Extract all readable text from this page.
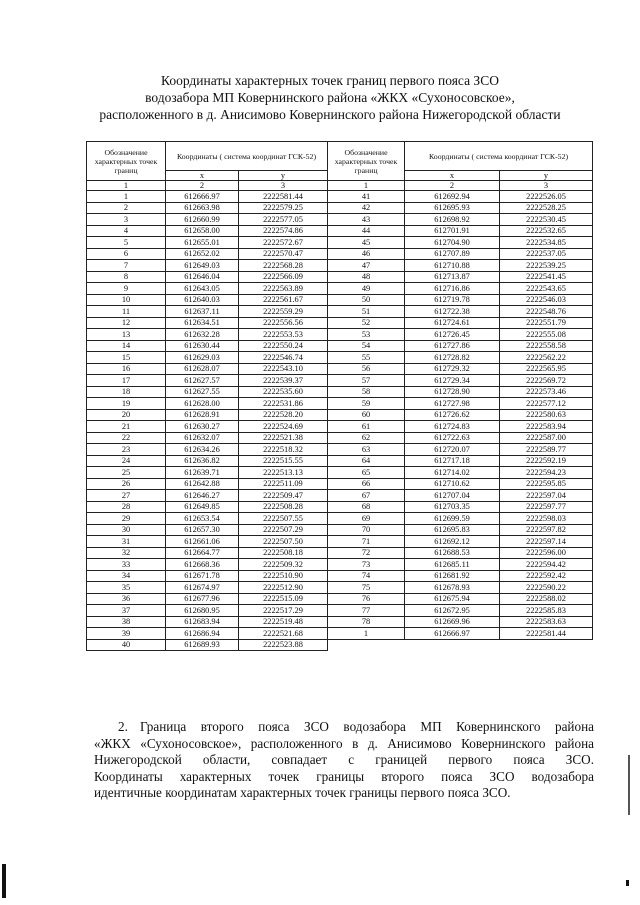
Координаты характерных точек границ первого пояса ЗСО
водозабора МП Ковернинского района «ЖКХ «Сухоносовское»,
расположенного в д. Анисимово Ковернинского района Нижегородской области
Обозначение характерных точек границ	Координаты ( система координат ГСК-52)		Обозначение характерных точек границ	Координаты ( система координат ГСК-52)	
	x	y		x	y
1	2	3	1	2	3
1	612666.97	2222581.44	41	612692.94	2222526.05
2	612663.98	2222579.25	42	612695.93	2222528.25
3	612660.99	2222577.05	43	612698.92	2222530.45
4	612658.00	2222574.86	44	612701.91	2222532.65
5	612655.01	2222572.67	45	612704.90	2222534.85
6	612652.02	2222570.47	46	612707.89	2222537.05
7	612649.03	2222568.28	47	612710.88	2222539.25
8	612646.04	2222566.09	48	612713.87	2222541.45
9	612643.05	2222563.89	49	612716.86	2222543.65
10	612640.03	2222561.67	50	612719.78	2222546.03
11	612637.11	2222559.29	51	612722.38	2222548.76
12	612634.51	2222556.56	52	612724.61	2222551.79
13	612632.28	2222553.53	53	612726.45	2222555.08
14	612630.44	2222550.24	54	612727.86	2222558.58
15	612629.03	2222546.74	55	612728.82	2222562.22
16	612628.07	2222543.10	56	612729.32	2222565.95
17	612627.57	2222539.37	57	612729.34	2222569.72
18	612627.55	2222535.60	58	612728.90	2222573.46
19	612628.00	2222531.86	59	612727.98	2222577.12
20	612628.91	2222528.20	60	612726.62	2222580.63
21	612630.27	2222524.69	61	612724.83	2222583.94
22	612632.07	2222521.38	62	612722.63	2222587.00
23	612634.26	2222518.32	63	612720.07	2222589.77
24	612636.82	2222515.55	64	612717.18	2222592.19
25	612639.71	2222513.13	65	612714.02	2222594.23
26	612642.88	2222511.09	66	612710.62	2222595.85
27	612646.27	2222509.47	67	612707.04	2222597.04
28	612649.85	2222508.28	68	612703.35	2222597.77
29	612653.54	2222507.55	69	612699.59	2222598.03
30	612657.30	2222507.29	70	612695.83	2222597.82
31	612661.06	2222507.50	71	612692.12	2222597.14
32	612664.77	2222508.18	72	612688.53	2222596.00
33	612668.36	2222509.32	73	612685.11	2222594.42
34	612671.78	2222510.90	74	612681.92	2222592.42
35	612674.97	2222512.90	75	612678.93	2222590.22
36	612677.96	2222515.09	76	612675.94	2222588.02
37	612680.95	2222517.29	77	612672.95	2222585.83
38	612683.94	2222519.48	78	612669.96	2222583.63
39	612686.94	2222521.68	1	612666.97	2222581.44
40	612689.93	2222523.88			
2. Граница второго пояса ЗСО водозабора МП Ковернинского района
«ЖКХ «Сухоносовское», расположенного в д. Анисимово Ковернинского района
Нижегородской области, совпадает с границей первого пояса ЗСО.
Координаты характерных точек границы второго пояса ЗСО водозабора
идентичные координатам характерных точек границы первого пояса ЗСО.
